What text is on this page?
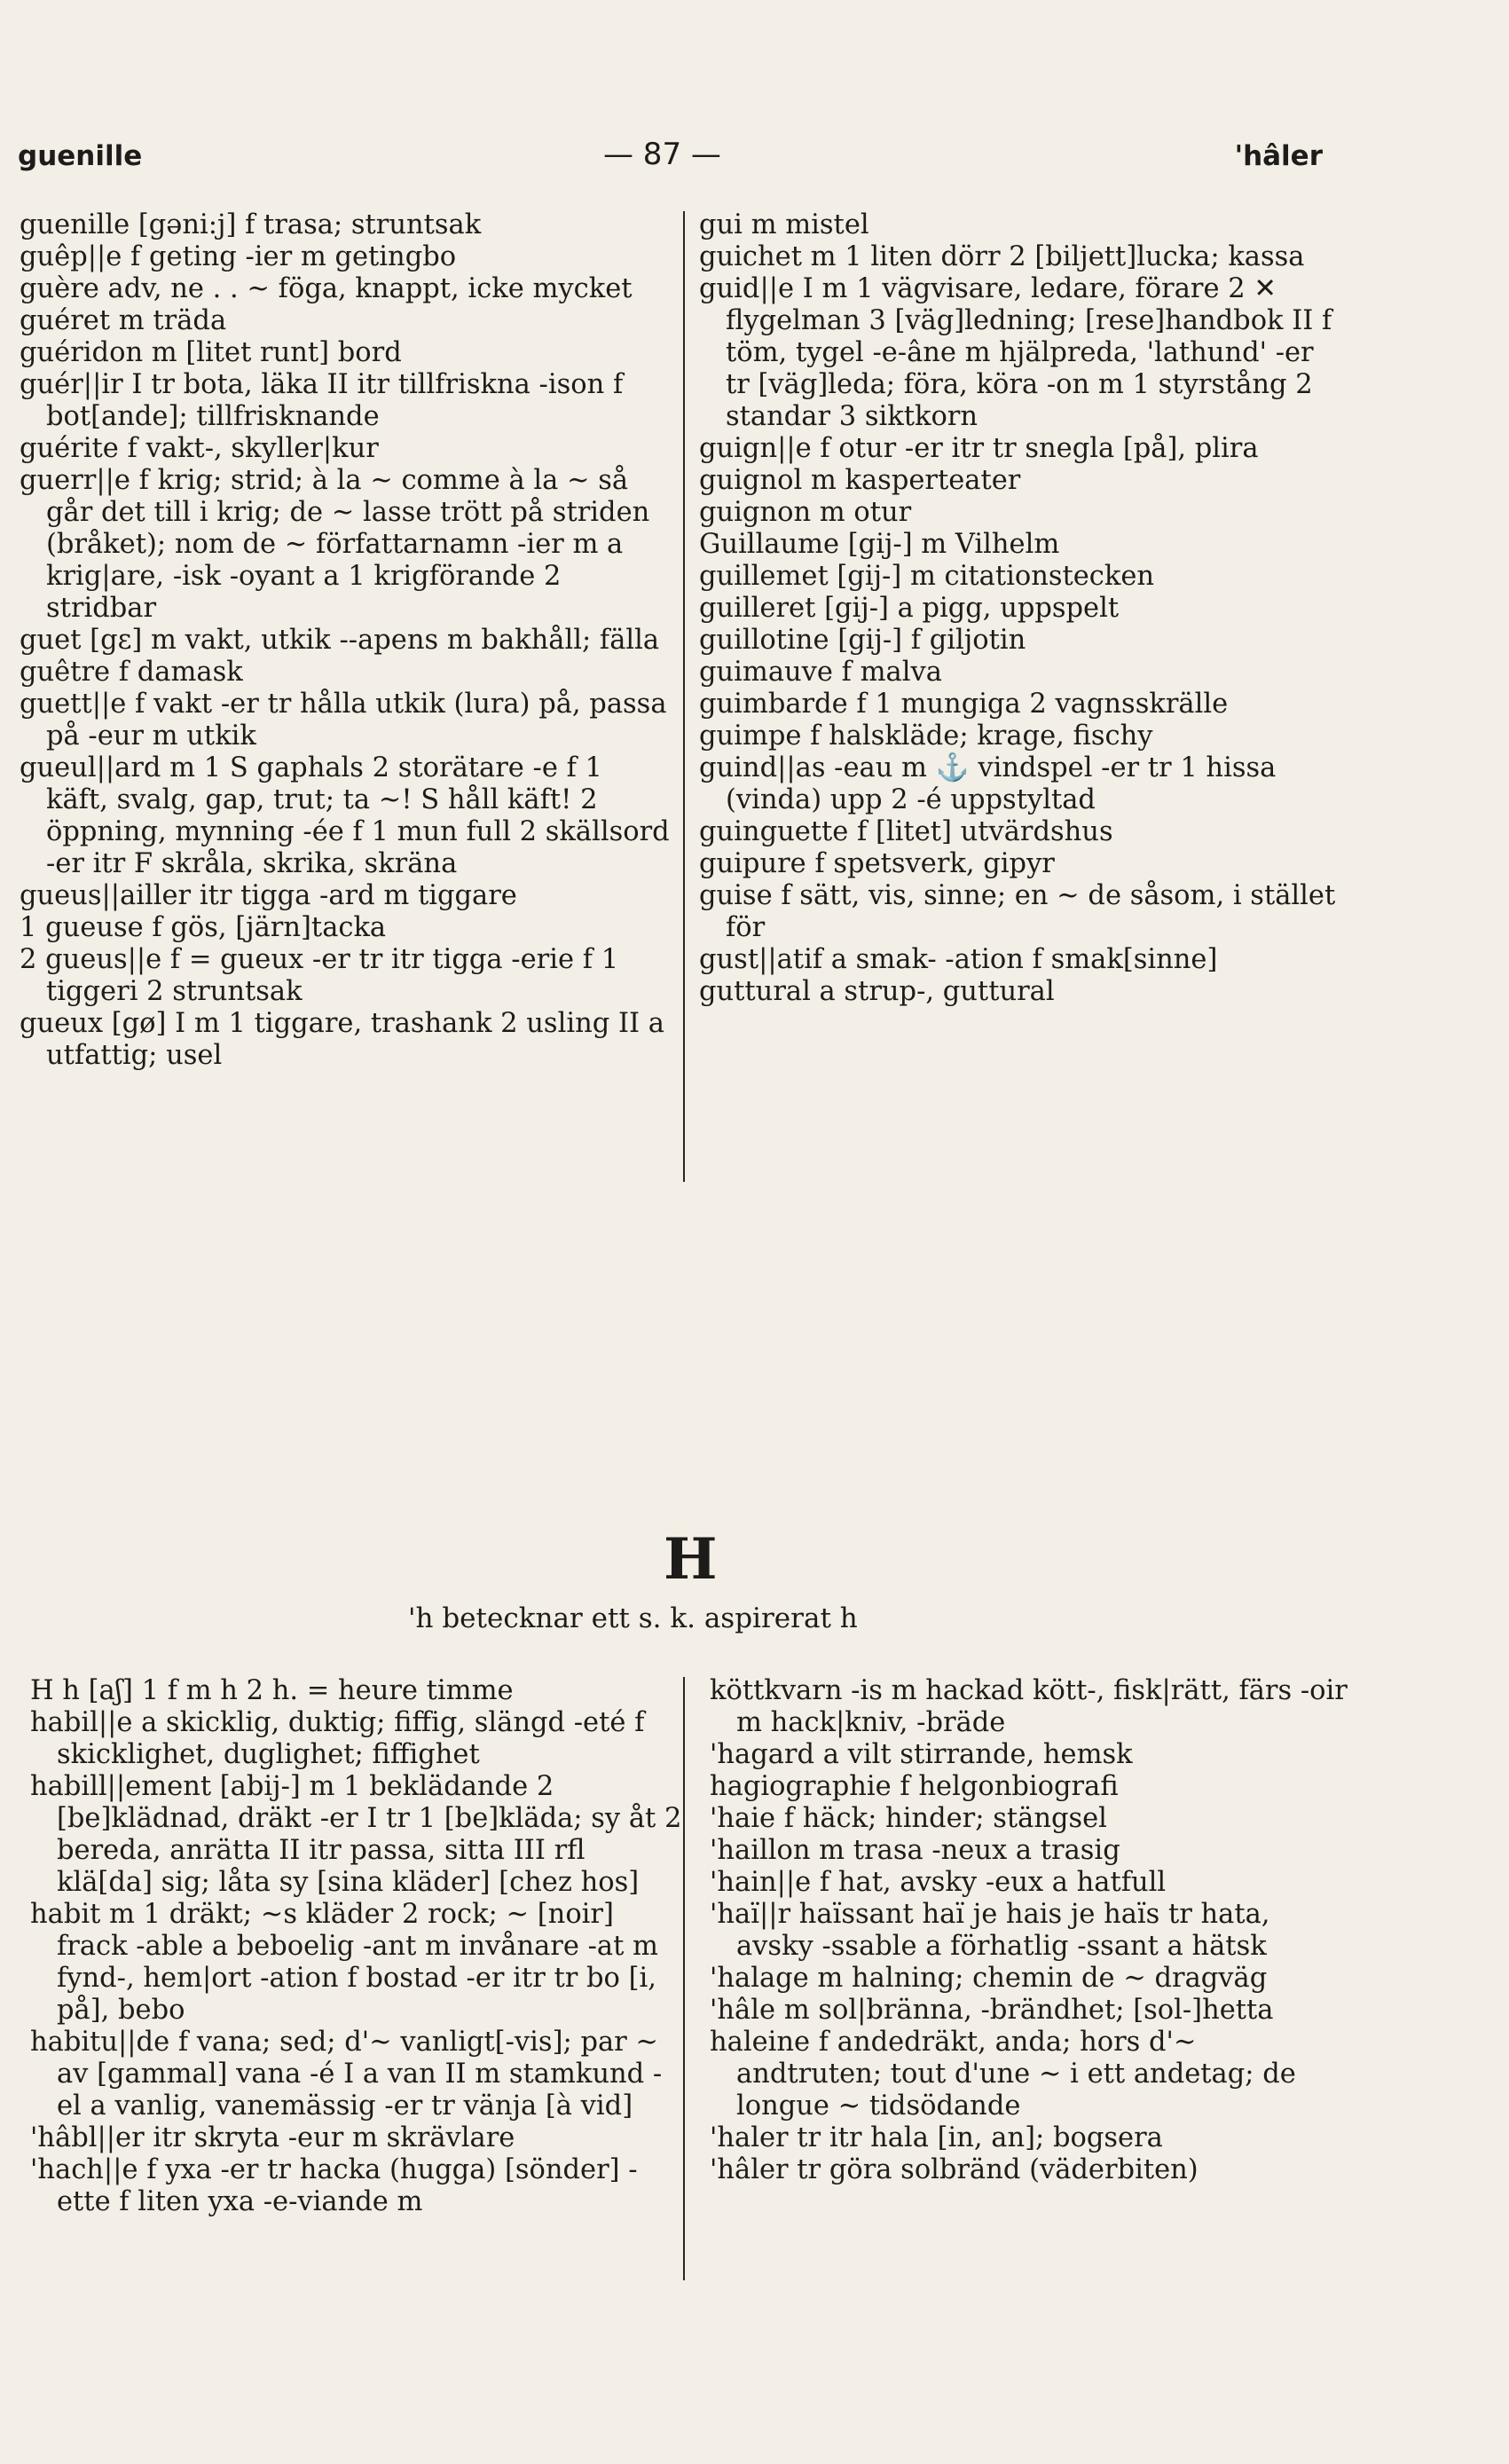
guenille	— 87 —	'hâler

guenille [gəni:j] f trasa; struntsak

guêp||e f geting -ier m getingbo

guère adv, ne . . ~ föga, knappt, icke mycket

guéret m träda

guéridon m [litet runt] bord

guér||ir I tr bota, läka II itr tillfriskna -ison f bot[ande]; tillfrisknande

guérite f vakt-, skyller|kur

guerr||e f krig; strid; à la ~ comme à la ~ så går det till i krig; de ~ lasse trött på striden (bråket); nom de ~ författarnamn -ier m a krig|are, -isk -oyant a 1 krigförande 2 stridbar

guet [gɛ] m vakt, utkik --apens m bakhåll; fälla

guêtre f damask

guett||e f vakt -er tr hålla utkik (lura) på, passa på -eur m utkik

gueul||ard m 1 S gaphals 2 storätare -e f 1 käft, svalg, gap, trut; ta ~! S håll käft! 2 öppning, mynning -ée f 1 mun full 2 skällsord -er itr F skråla, skrika, skräna

gueus||ailler itr tigga -ard m tiggare

1 gueuse f gös, [järn]tacka

2 gueus||e f = gueux -er tr itr tigga -erie f 1 tiggeri 2 struntsak

gueux [gø] I m 1 tiggare, trashank 2 usling II a utfattig; usel

gui m mistel

guichet m 1 liten dörr 2 [biljett]lucka; kassa

guid||e I m 1 vägvisare, ledare, förare 2 ✕ flygelman 3 [väg]ledning; [rese]handbok II f töm, tygel -e-âne m hjälpreda, 'lathund' -er tr [väg]leda; föra, köra -on m 1 styrstång 2 standar 3 siktkorn

guign||e f otur -er itr tr snegla [på], plira

guignol m kasperteater

guignon m otur

Guillaume [gij-] m Vilhelm

guillemet [gij-] m citationstecken

guilleret [gij-] a pigg, uppspelt

guillotine [gij-] f giljotin

guimauve f malva

guimbarde f 1 mungiga 2 vagnsskrälle

guimpe f halskläde; krage, fischy

guind||as -eau m ⚓ vindspel -er tr 1 hissa (vinda) upp 2 -é uppstyltad

guinguette f [litet] utvärdshus

guipure f spetsverk, gipyr

guise f sätt, vis, sinne; en ~ de såsom, i stället för

gust||atif a smak- -ation f smak[sinne]

guttural a strup-, guttural

H
'h betecknar ett s. k. aspirerat h

H h [aʃ] 1 f m h 2 h. = heure timme

habil||e a skicklig, duktig; fiffig, slängd -eté f skicklighet, duglighet; fiffighet

habill||ement [abij-] m 1 beklädande 2 [be]klädnad, dräkt -er I tr 1 [be]kläda; sy åt 2 bereda, anrätta II itr passa, sitta III rfl klä[da] sig; låta sy [sina kläder] [chez hos]

habit m 1 dräkt; ~s kläder 2 rock; ~ [noir] frack -able a beboelig -ant m invånare -at m fynd-, hem|ort -ation f bostad -er itr tr bo [i, på], bebo

habitu||de f vana; sed; d'~ vanligt[-vis]; par ~ av [gammal] vana -é I a van II m stamkund -el a vanlig, vanemässig -er tr vänja [à vid]

'hâbl||er itr skryta -eur m skrävlare

'hach||e f yxa -er tr hacka (hugga) [sönder] -ette f liten yxa -e-viande m

köttkvarn -is m hackad kött-, fisk|rätt, färs -oir m hack|kniv, -bräde

'hagard a vilt stirrande, hemsk

hagiographie f helgonbiografi

'haie f häck; hinder; stängsel

'haillon m trasa -neux a trasig

'hain||e f hat, avsky -eux a hatfull

'haï||r haïssant haï je hais je haïs tr hata, avsky -ssable a förhatlig -ssant a hätsk

'halage m halning; chemin de ~ dragväg

'hâle m sol|bränna, -brändhet; [sol-]hetta

haleine f andedräkt, anda; hors d'~ andtruten; tout d'une ~ i ett andetag; de longue ~ tidsödande

'haler tr itr hala [in, an]; bogsera

'hâler tr göra solbränd (väderbiten)
